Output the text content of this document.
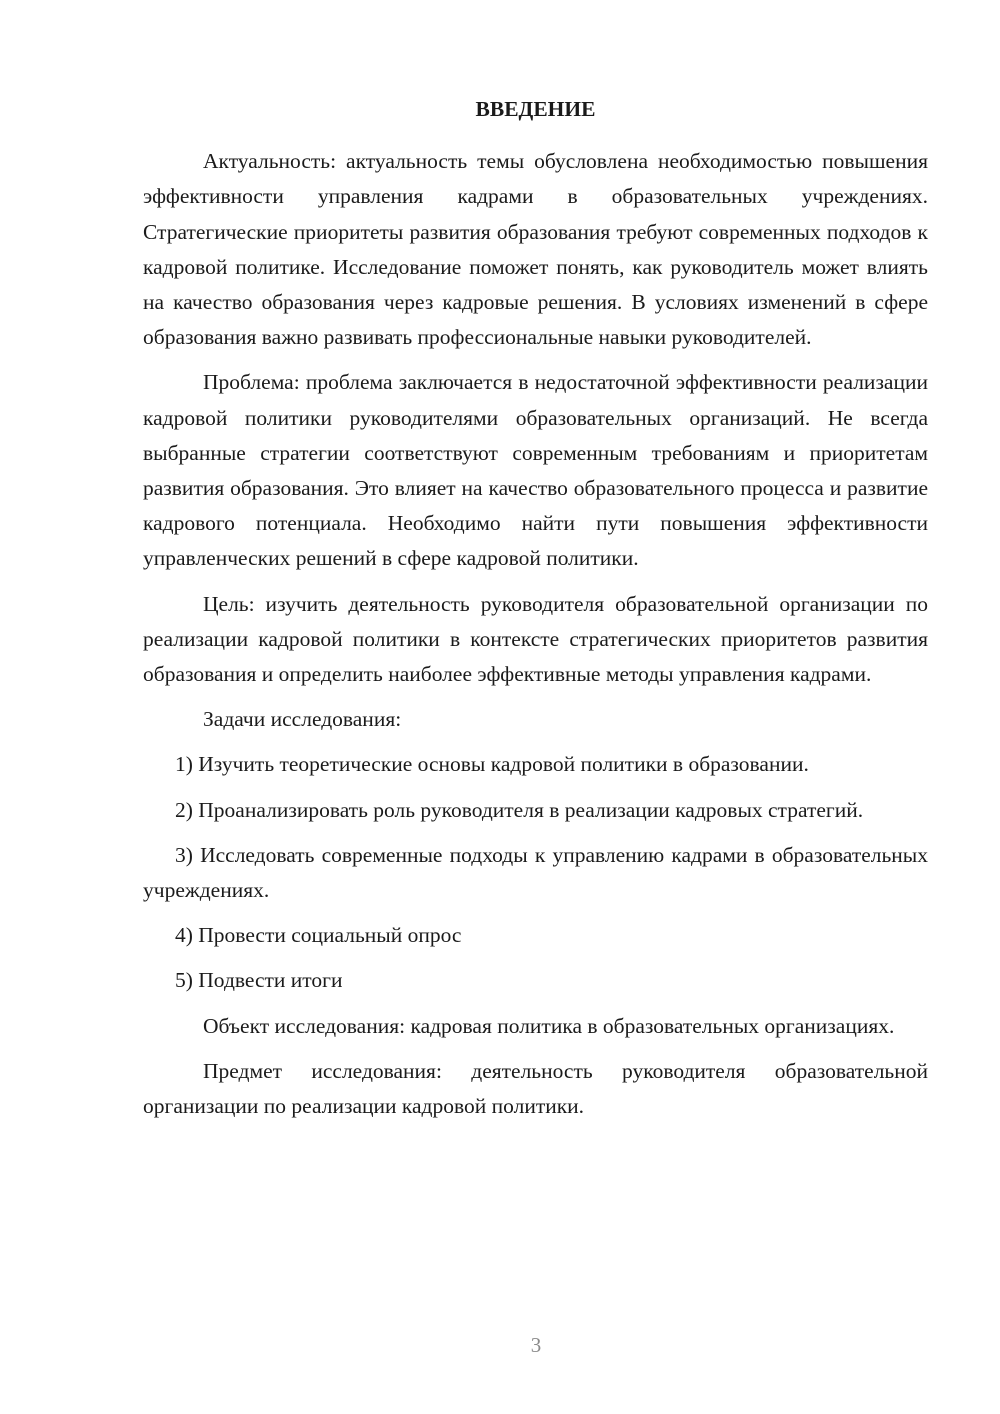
ВВЕДЕНИЕ

Актуальность: актуальность темы обусловлена необходимостью повышения эффективности управления кадрами в образовательных учреждениях. Стратегические приоритеты развития образования требуют современных подходов к кадровой политике. Исследование поможет понять, как руководитель может влиять на качество образования через кадровые решения. В условиях изменений в сфере образования важно развивать профессиональные навыки руководителей.

Проблема: проблема заключается в недостаточной эффективности реализации кадровой политики руководителями образовательных организаций. Не всегда выбранные стратегии соответствуют современным требованиям и приоритетам развития образования. Это влияет на качество образовательного процесса и развитие кадрового потенциала. Необходимо найти пути повышения эффективности управленческих решений в сфере кадровой политики.

Цель: изучить деятельность руководителя образовательной организации по реализации кадровой политики в контексте стратегических приоритетов развития образования и определить наиболее эффективные методы управления кадрами.

Задачи исследования:

1) Изучить теоретические основы кадровой политики в образовании.

2) Проанализировать роль руководителя в реализации кадровых стратегий.

3) Исследовать современные подходы к управлению кадрами в образовательных учреждениях.

4) Провести социальный опрос

5) Подвести итоги

Объект исследования: кадровая политика в образовательных организациях.

Предмет исследования: деятельность руководителя образовательной организации по реализации кадровой политики.

3
